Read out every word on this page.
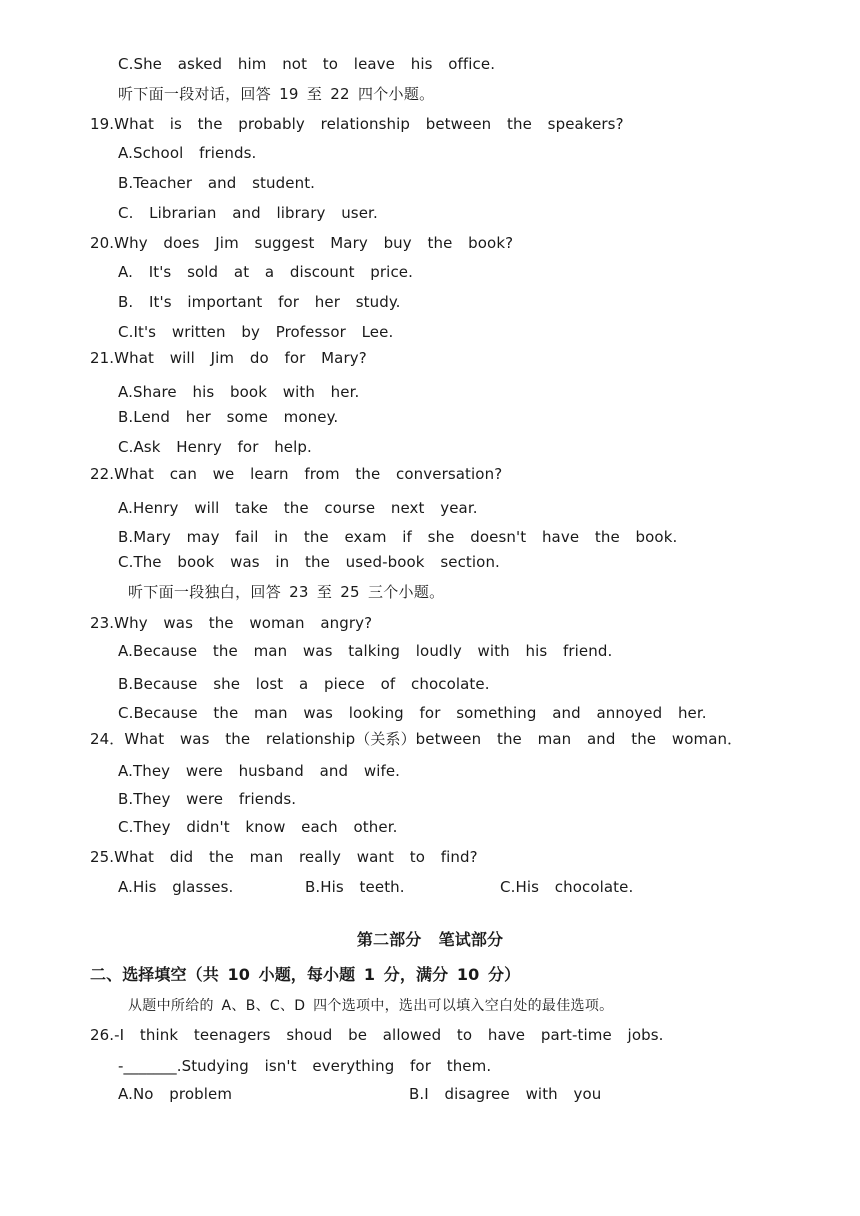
C.She  asked  him  not  to  leave  his  office.
听下面一段对话，回答 19 至 22 四个小题。
19.What  is  the  probably  relationship  between  the  speakers?
A.School  friends.
B.Teacher  and  student.
C.  Librarian  and  library  user.
20.Why  does  Jim  suggest  Mary  buy  the  book?
A.  It's  sold  at  a  discount  price.
B.  It's  important  for  her  study.
C.It's  written  by  Professor  Lee.
21.What  will  Jim  do  for  Mary?
A.Share  his  book  with  her.
B.Lend  her  some  money.
C.Ask  Henry  for  help.
22.What  can  we  learn  from  the  conversation?
A.Henry  will  take  the  course  next  year.
B.Mary  may  fail  in  the  exam  if  she  doesn't  have  the  book.
C.The  book  was  in  the  used-book  section.
听下面一段独白，回答 23 至 25 三个小题。
23.Why  was  the  woman  angry?
A.Because  the  man  was  talking  loudly  with  his  friend.
B.Because  she  lost  a  piece  of  chocolate.
C.Because  the  man  was  looking  for  something  and  annoyed  her.
24．What  was  the  relationship（关系）between  the  man  and  the  woman．
A.They  were  husband  and  wife.
B.They  were  friends.
C.They  didn't  know  each  other.
25.What  did  the  man  really  want  to  find?
A.His  glasses.	B.His  teeth.	C.His  chocolate.
第二部分  笔试部分
二、选择填空（共 10 小题，每小题 1 分，满分 10 分）
从题中所给的 A、B、C、D 四个选项中，选出可以填入空白处的最佳选项。
26.-I  think  teenagers  shoud  be  allowed  to  have  part-time  jobs.
-_______.Studying  isn't  everything  for  them.
A.No  problem	B.I  disagree  with  you
